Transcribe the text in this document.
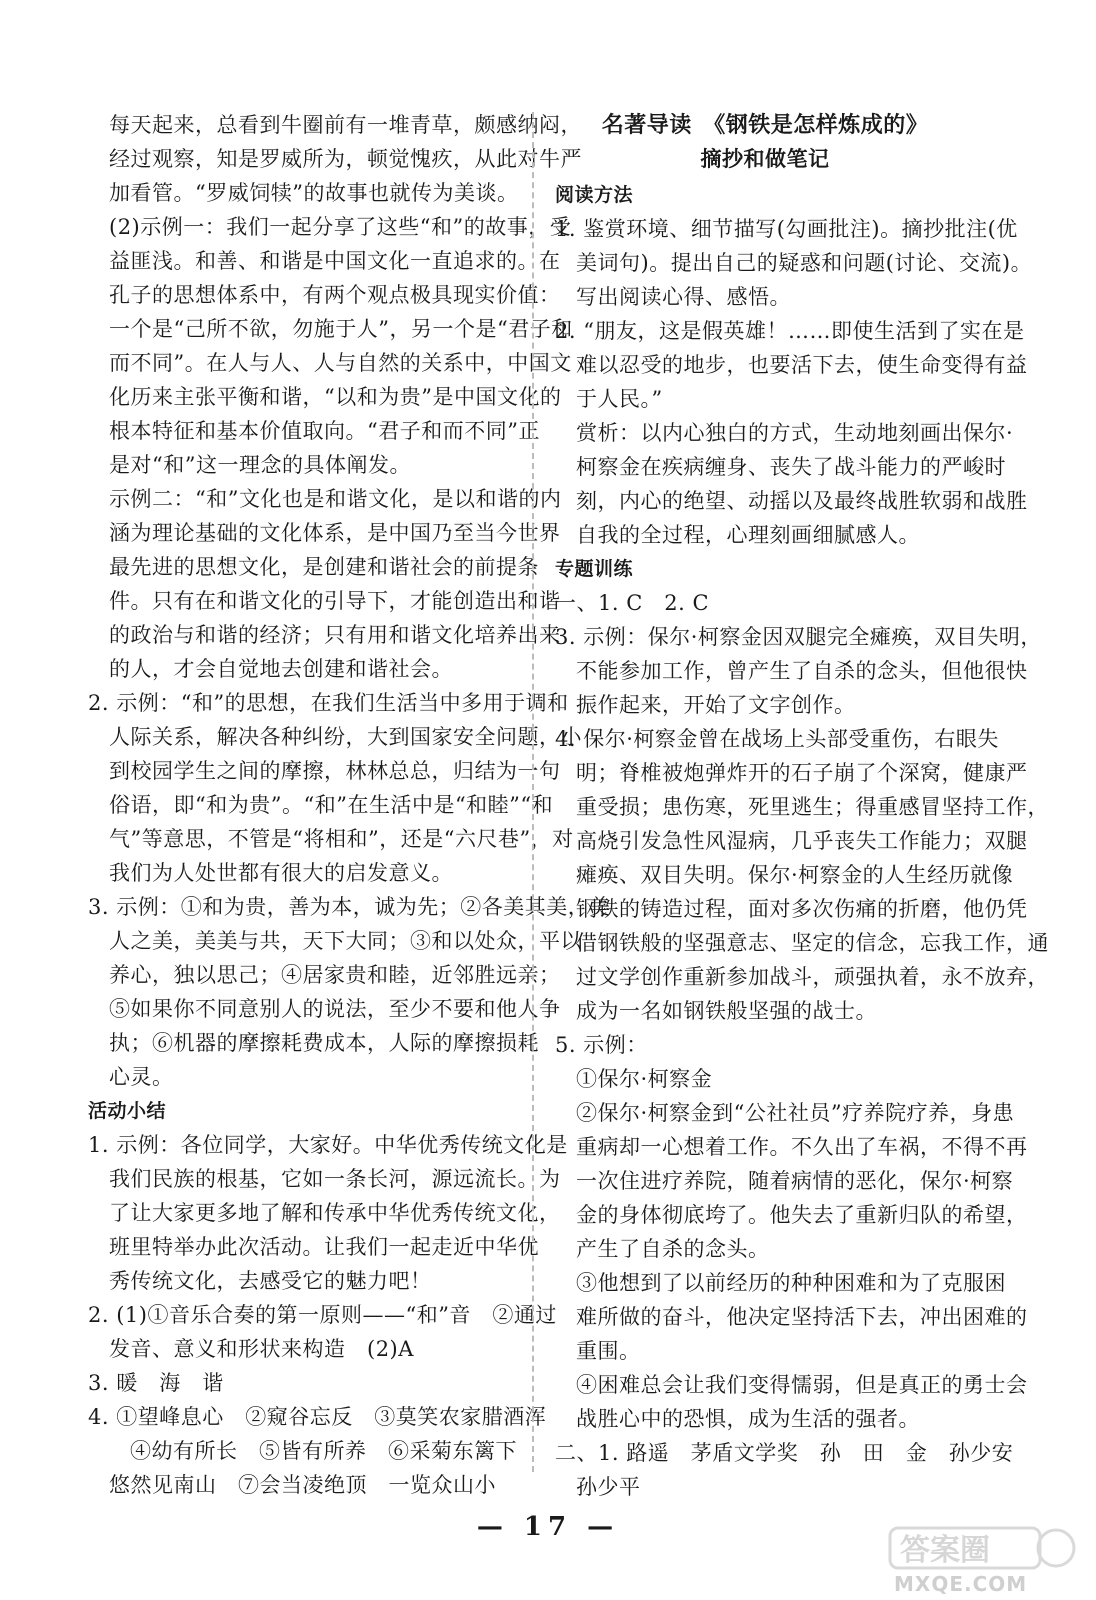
每天起来，总看到牛圈前有一堆青草，颇感纳闷，
经过观察，知是罗威所为，顿觉愧疚，从此对牛严
加看管。“罗威饲犊”的故事也就传为美谈。
(2)示例一：我们一起分享了这些“和”的故事，受
益匪浅。和善、和谐是中国文化一直追求的。在
孔子的思想体系中，有两个观点极具现实价值：
一个是“己所不欲，勿施于人”，另一个是“君子和
而不同”。在人与人、人与自然的关系中，中国文
化历来主张平衡和谐，“以和为贵”是中国文化的
根本特征和基本价值取向。“君子和而不同”正
是对“和”这一理念的具体阐发。
示例二：“和”文化也是和谐文化，是以和谐的内
涵为理论基础的文化体系，是中国乃至当今世界
最先进的思想文化，是创建和谐社会的前提条
件。只有在和谐文化的引导下，才能创造出和谐
的政治与和谐的经济；只有用和谐文化培养出来
的人，才会自觉地去创建和谐社会。
2. 示例：“和”的思想，在我们生活当中多用于调和
人际关系，解决各种纠纷，大到国家安全问题，小
到校园学生之间的摩擦，林林总总，归结为一句
俗语，即“和为贵”。“和”在生活中是“和睦”“和
气”等意思，不管是“将相和”，还是“六尺巷”，对
我们为人处世都有很大的启发意义。
3. 示例：①和为贵，善为本，诚为先；②各美其美，美
人之美，美美与共，天下大同；③和以处众，平以
养心，独以思己；④居家贵和睦，近邻胜远亲；
⑤如果你不同意别人的说法，至少不要和他人争
执；⑥机器的摩擦耗费成本，人际的摩擦损耗
心灵。
活动小结
1. 示例：各位同学，大家好。中华优秀传统文化是
我们民族的根基，它如一条长河，源远流长。为
了让大家更多地了解和传承中华优秀传统文化，
班里特举办此次活动。让我们一起走近中华优
秀传统文化，去感受它的魅力吧！
2. (1)①音乐合奏的第一原则——“和”音　②通过
发音、意义和形状来构造　(2)A
3. 暖　海　谐
4. ①望峰息心　②窥谷忘反　③莫笑农家腊酒浑
④幼有所长　⑤皆有所养　⑥采菊东篱下
悠然见南山　⑦会当凌绝顶　一览众山小
名著导读　《钢铁是怎样炼成的》
摘抄和做笔记
阅读方法
1. 鉴赏环境、细节描写(勾画批注)。摘抄批注(优
美词句)。提出自己的疑惑和问题(讨论、交流)。
写出阅读心得、感悟。
2. “朋友，这是假英雄！……即使生活到了实在是
难以忍受的地步，也要活下去，使生命变得有益
于人民。”
赏析：以内心独白的方式，生动地刻画出保尔·
柯察金在疾病缠身、丧失了战斗能力的严峻时
刻，内心的绝望、动摇以及最终战胜软弱和战胜
自我的全过程，心理刻画细腻感人。
专题训练
一、1. C　2. C
3. 示例：保尔·柯察金因双腿完全瘫痪，双目失明，
不能参加工作，曾产生了自杀的念头，但他很快
振作起来，开始了文字创作。
4. 保尔·柯察金曾在战场上头部受重伤，右眼失
明；脊椎被炮弹炸开的石子崩了个深窝，健康严
重受损；患伤寒，死里逃生；得重感冒坚持工作，
高烧引发急性风湿病，几乎丧失工作能力；双腿
瘫痪、双目失明。保尔·柯察金的人生经历就像
钢铁的铸造过程，面对多次伤痛的折磨，他仍凭
借钢铁般的坚强意志、坚定的信念，忘我工作，通
过文学创作重新参加战斗，顽强执着，永不放弃，
成为一名如钢铁般坚强的战士。
5. 示例：
①保尔·柯察金
②保尔·柯察金到“公社社员”疗养院疗养，身患
重病却一心想着工作。不久出了车祸，不得不再
一次住进疗养院，随着病情的恶化，保尔·柯察
金的身体彻底垮了。他失去了重新归队的希望，
产生了自杀的念头。
③他想到了以前经历的种种困难和为了克服困
难所做的奋斗，他决定坚持活下去，冲出困难的
重围。
④困难总会让我们变得懦弱，但是真正的勇士会
战胜心中的恐惧，成为生活的强者。
二、1. 路遥　茅盾文学奖　孙　田　金　孙少安
孙少平
— 17 —
答案圈
MXQE.COM
